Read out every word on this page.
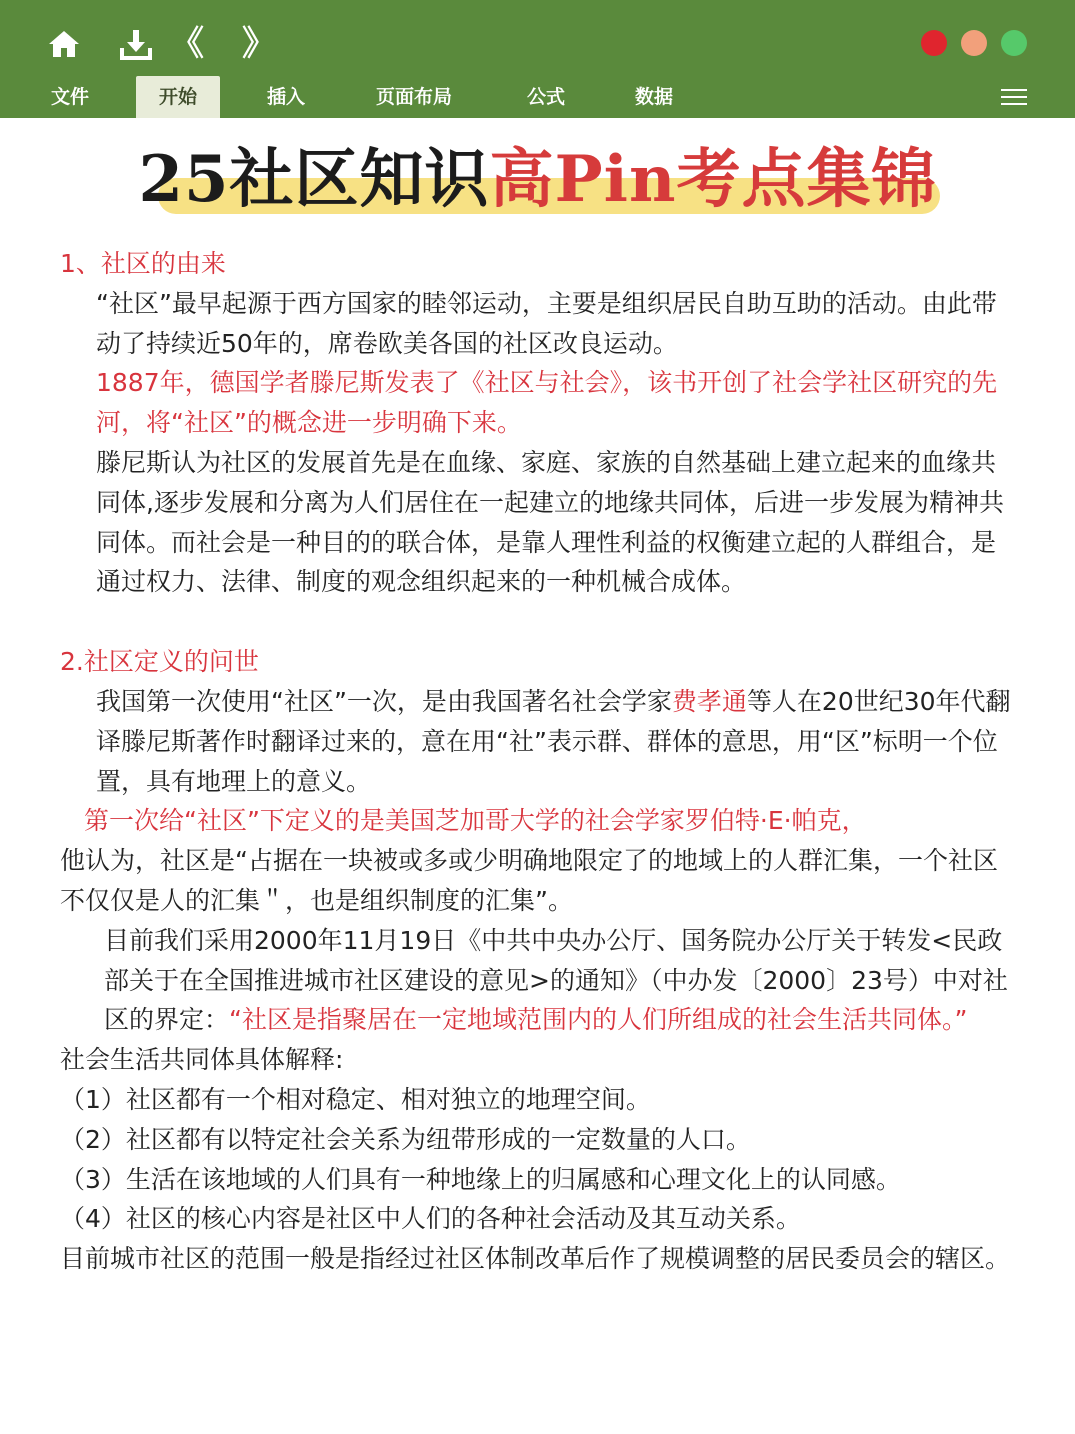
《 》
文件	开始	插入	页面布局	公式	数据
25社区知识高Pin考点集锦

1、社区的由来

“社区”最早起源于西方国家的睦邻运动，主要是组织居民自助互助的活动。由此带动了持续近50年的，席卷欧美各国的社区改良运动。

1887年，德国学者滕尼斯发表了《社区与社会》，该书开创了社会学社区研究的先河，将“社区”的概念进一步明确下来。

滕尼斯认为社区的发展首先是在血缘、家庭、家族的自然基础上建立起来的血缘共同体,逐步发展和分离为人们居住在一起建立的地缘共同体，后进一步发展为精神共同体。而社会是一种目的的联合体，是靠人理性利益的权衡建立起的人群组合，是通过权力、法律、制度的观念组织起来的一种机械合成体。

2.社区定义的问世

我国第一次使用“社区”一次，是由我国著名社会学家费孝通等人在20世纪30年代翻译滕尼斯著作时翻译过来的，意在用“社”表示群、群体的意思，用“区”标明一个位置，具有地理上的意义。

第一次给“社区”下定义的是美国芝加哥大学的社会学家罗伯特·E·帕克，

他认为，社区是“占据在一块被或多或少明确地限定了的地域上的人群汇集，一个社区不仅仅是人的汇集＂，也是组织制度的汇集”。

目前我们采用2000年11月19日《中共中央办公厅、国务院办公厅关于转发<民政部关于在全国推进城市社区建设的意见>的通知》（中办发〔2000〕23号）中对社区的界定：“社区是指聚居在一定地域范围内的人们所组成的社会生活共同体。”

社会生活共同体具体解释:

（1）社区都有一个相对稳定、相对独立的地理空间。

（2）社区都有以特定社会关系为纽带形成的一定数量的人口。

（3）生活在该地域的人们具有一种地缘上的归属感和心理文化上的认同感。

（4）社区的核心内容是社区中人们的各种社会活动及其互动关系。

目前城市社区的范围一般是指经过社区体制改革后作了规模调整的居民委员会的辖区。
